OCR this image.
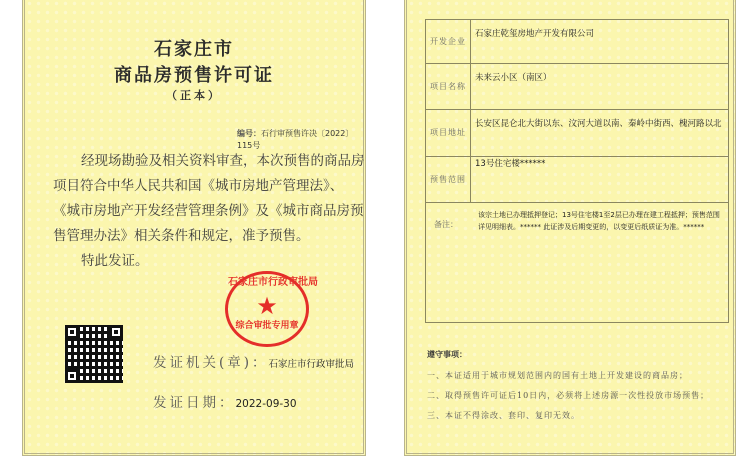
石家庄市
商品房预售许可证
（正本）
编号：石行审预售许决〔2022〕115号

经现场勘验及相关资料审查，本次预售的商品房

项目符合中华人民共和国《城市房地产管理法》、

《城市房地产开发经营管理条例》及《城市商品房预

售管理办法》相关条件和规定，准予预售。

特此发证。

石家庄市行政审批局
★
综合审批专用章
发证机关(章)：石家庄市行政审批局
发证日期：2022-09-30
开发企业	石家庄乾玺房地产开发有限公司
项目名称	未来云小区（南区）
项目地址	长安区昆仑北大街以东、汶河大道以南、秦岭中街西、槐河路以北
预售范围	13号住宅楼******

备注：
该宗土地已办理抵押登记；13号住宅楼1至2层已办理在建工程抵押；预售范围详见明细表。****** 此证涉及后期变更的，以变更后纸质证为准。******	
遵守事项：
一、本证适用于城市规划范围内的国有土地上开发建设的商品房；
二、取得预售许可证后10日内，必须将上述房源一次性投放市场预售；
三、本证不得涂改、套印、复印无效。
